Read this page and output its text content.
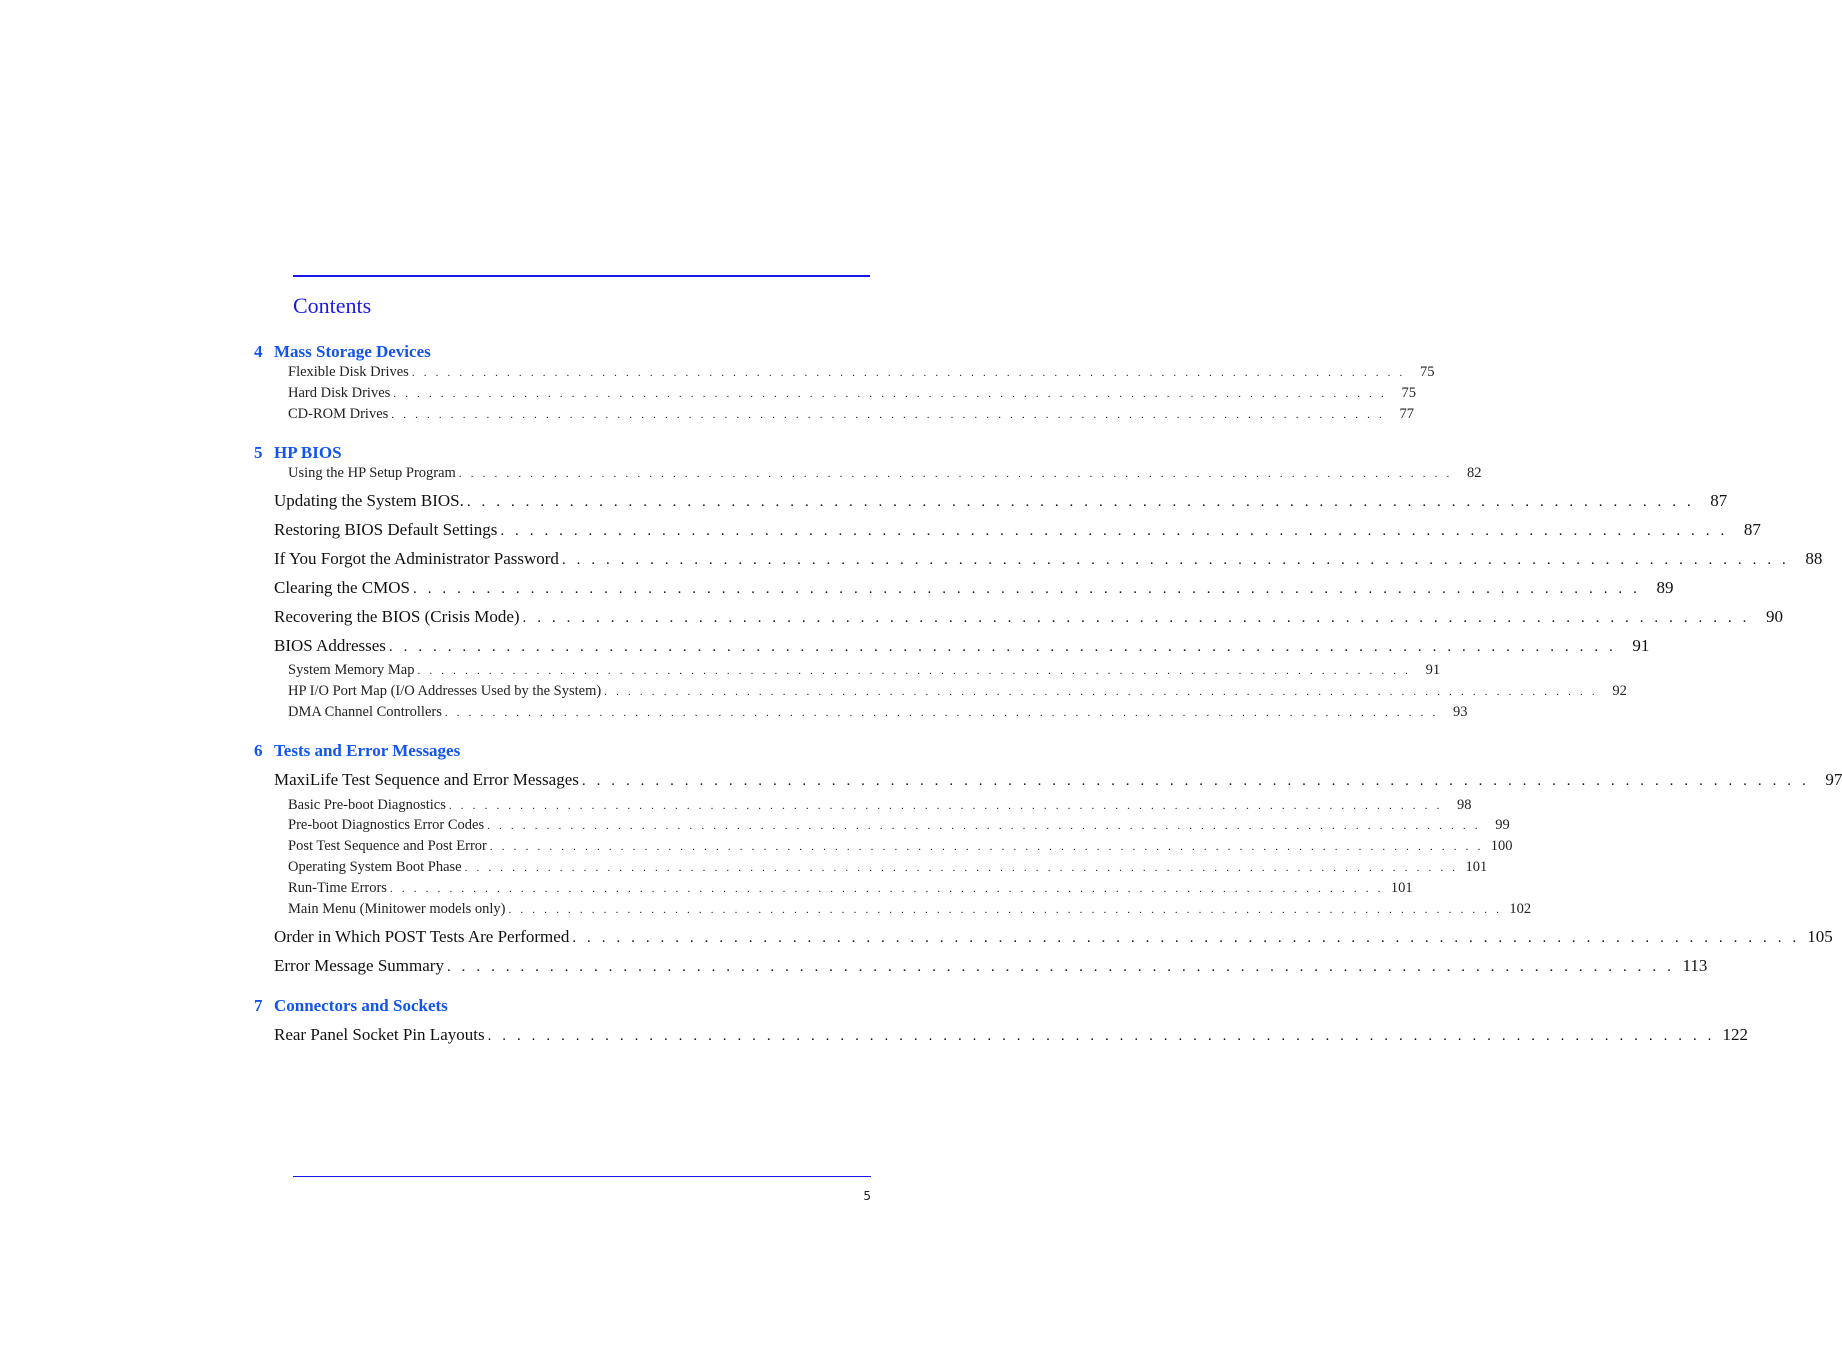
Contents
4 Mass Storage Devices
Flexible Disk Drives . . . . . . . . . . . . . . . . . . . . . . . . . . . . . . . . . . . . . . . . . . . . . . . . . . . . . . . . . . . . . . . . . . . . . . . . . . . . . . . . . . . .	75
Hard Disk Drives . . . . . . . . . . . . . . . . . . . . . . . . . . . . . . . . . . . . . . . . . . . . . . . . . . . . . . . . . . . . . . . . . . . . . . . . . . . . . . . . . . . .	75
CD-ROM Drives . . . . . . . . . . . . . . . . . . . . . . . . . . . . . . . . . . . . . . . . . . . . . . . . . . . . . . . . . . . . . . . . . . . . . . . . . . . . . . . . . . . .	77
5 HP BIOS
Using the HP Setup Program . . . . . . . . . . . . . . . . . . . . . . . . . . . . . . . . . . . . . . . . . . . . . . . . . . . . . . . . . . . . . . . . . . . . . . . . . . . . . . . . . . . .	82
Updating the System BIOS. . . . . . . . . . . . . . . . . . . . . . . . . . . . . . . . . . . . . . . . . . . . . . . . . . . . . . . . . . . . . . . . . . . . . . . . . . . . . . . . . . . . . 87
Restoring BIOS Default Settings . . . . . . . . . . . . . . . . . . . . . . . . . . . . . . . . . . . . . . . . . . . . . . . . . . . . . . . . . . . . . . . . . . . . . . . . . . . . . . . . . . . . 87
If You Forgot the Administrator Password . . . . . . . . . . . . . . . . . . . . . . . . . . . . . . . . . . . . . . . . . . . . . . . . . . . . . . . . . . . . . . . . . . . . . . . . . . . . . . . . . . . . 88
Clearing the CMOS . . . . . . . . . . . . . . . . . . . . . . . . . . . . . . . . . . . . . . . . . . . . . . . . . . . . . . . . . . . . . . . . . . . . . . . . . . . . . . . . . . . . 89
Recovering the BIOS (Crisis Mode) . . . . . . . . . . . . . . . . . . . . . . . . . . . . . . . . . . . . . . . . . . . . . . . . . . . . . . . . . . . . . . . . . . . . . . . . . . . . . . . . . . . . 90
BIOS Addresses . . . . . . . . . . . . . . . . . . . . . . . . . . . . . . . . . . . . . . . . . . . . . . . . . . . . . . . . . . . . . . . . . . . . . . . . . . . . . . . . . . . . 91
System Memory Map . . . . . . . . . . . . . . . . . . . . . . . . . . . . . . . . . . . . . . . . . . . . . . . . . . . . . . . . . . . . . . . . . . . . . . . . . . . . . . . . . . . .	91
HP I/O Port Map (I/O Addresses Used by the System) . . . . . . . . . . . . . . . . . . . . . . . . . . . . . . . . . . . . . . . . . . . . . . . . . . . . . . . . . . . . . . . . . . . . . . . . . . . . . . . . . . . .	92
DMA Channel Controllers . . . . . . . . . . . . . . . . . . . . . . . . . . . . . . . . . . . . . . . . . . . . . . . . . . . . . . . . . . . . . . . . . . . . . . . . . . . . . . . . . . . .	93
6 Tests and Error Messages
MaxiLife Test Sequence and Error Messages . . . . . . . . . . . . . . . . . . . . . . . . . . . . . . . . . . . . . . . . . . . . . . . . . . . . . . . . . . . . . . . . . . . . . . . . . . . . . . . . . . . . 97
Basic Pre-boot Diagnostics . . . . . . . . . . . . . . . . . . . . . . . . . . . . . . . . . . . . . . . . . . . . . . . . . . . . . . . . . . . . . . . . . . . . . . . . . . . . . . . . . . . .	98
Pre-boot Diagnostics Error Codes . . . . . . . . . . . . . . . . . . . . . . . . . . . . . . . . . . . . . . . . . . . . . . . . . . . . . . . . . . . . . . . . . . . . . . . . . . . . . . . . . . . .	99
Post Test Sequence and Post Error . . . . . . . . . . . . . . . . . . . . . . . . . . . . . . . . . . . . . . . . . . . . . . . . . . . . . . . . . . . . . . . . . . . . . . . . . . . . . . . . . . . . 100
Operating System Boot Phase . . . . . . . . . . . . . . . . . . . . . . . . . . . . . . . . . . . . . . . . . . . . . . . . . . . . . . . . . . . . . . . . . . . . . . . . . . . . . . . . . . . . 101
Run-Time Errors . . . . . . . . . . . . . . . . . . . . . . . . . . . . . . . . . . . . . . . . . . . . . . . . . . . . . . . . . . . . . . . . . . . . . . . . . . . . . . . . . . . . 101
Main Menu (Minitower models only) . . . . . . . . . . . . . . . . . . . . . . . . . . . . . . . . . . . . . . . . . . . . . . . . . . . . . . . . . . . . . . . . . . . . . . . . . . . . . . . . . . . . 102
Order in Which POST Tests Are Performed . . . . . . . . . . . . . . . . . . . . . . . . . . . . . . . . . . . . . . . . . . . . . . . . . . . . . . . . . . . . . . . . . . . . . . . . . . . . . . . . . . . . 105
Error Message Summary . . . . . . . . . . . . . . . . . . . . . . . . . . . . . . . . . . . . . . . . . . . . . . . . . . . . . . . . . . . . . . . . . . . . . . . . . . . . . . . . . . . . 113
7 Connectors and Sockets
Rear Panel Socket Pin Layouts . . . . . . . . . . . . . . . . . . . . . . . . . . . . . . . . . . . . . . . . . . . . . . . . . . . . . . . . . . . . . . . . . . . . . . . . . . . . . . . . . . . . 122
5
